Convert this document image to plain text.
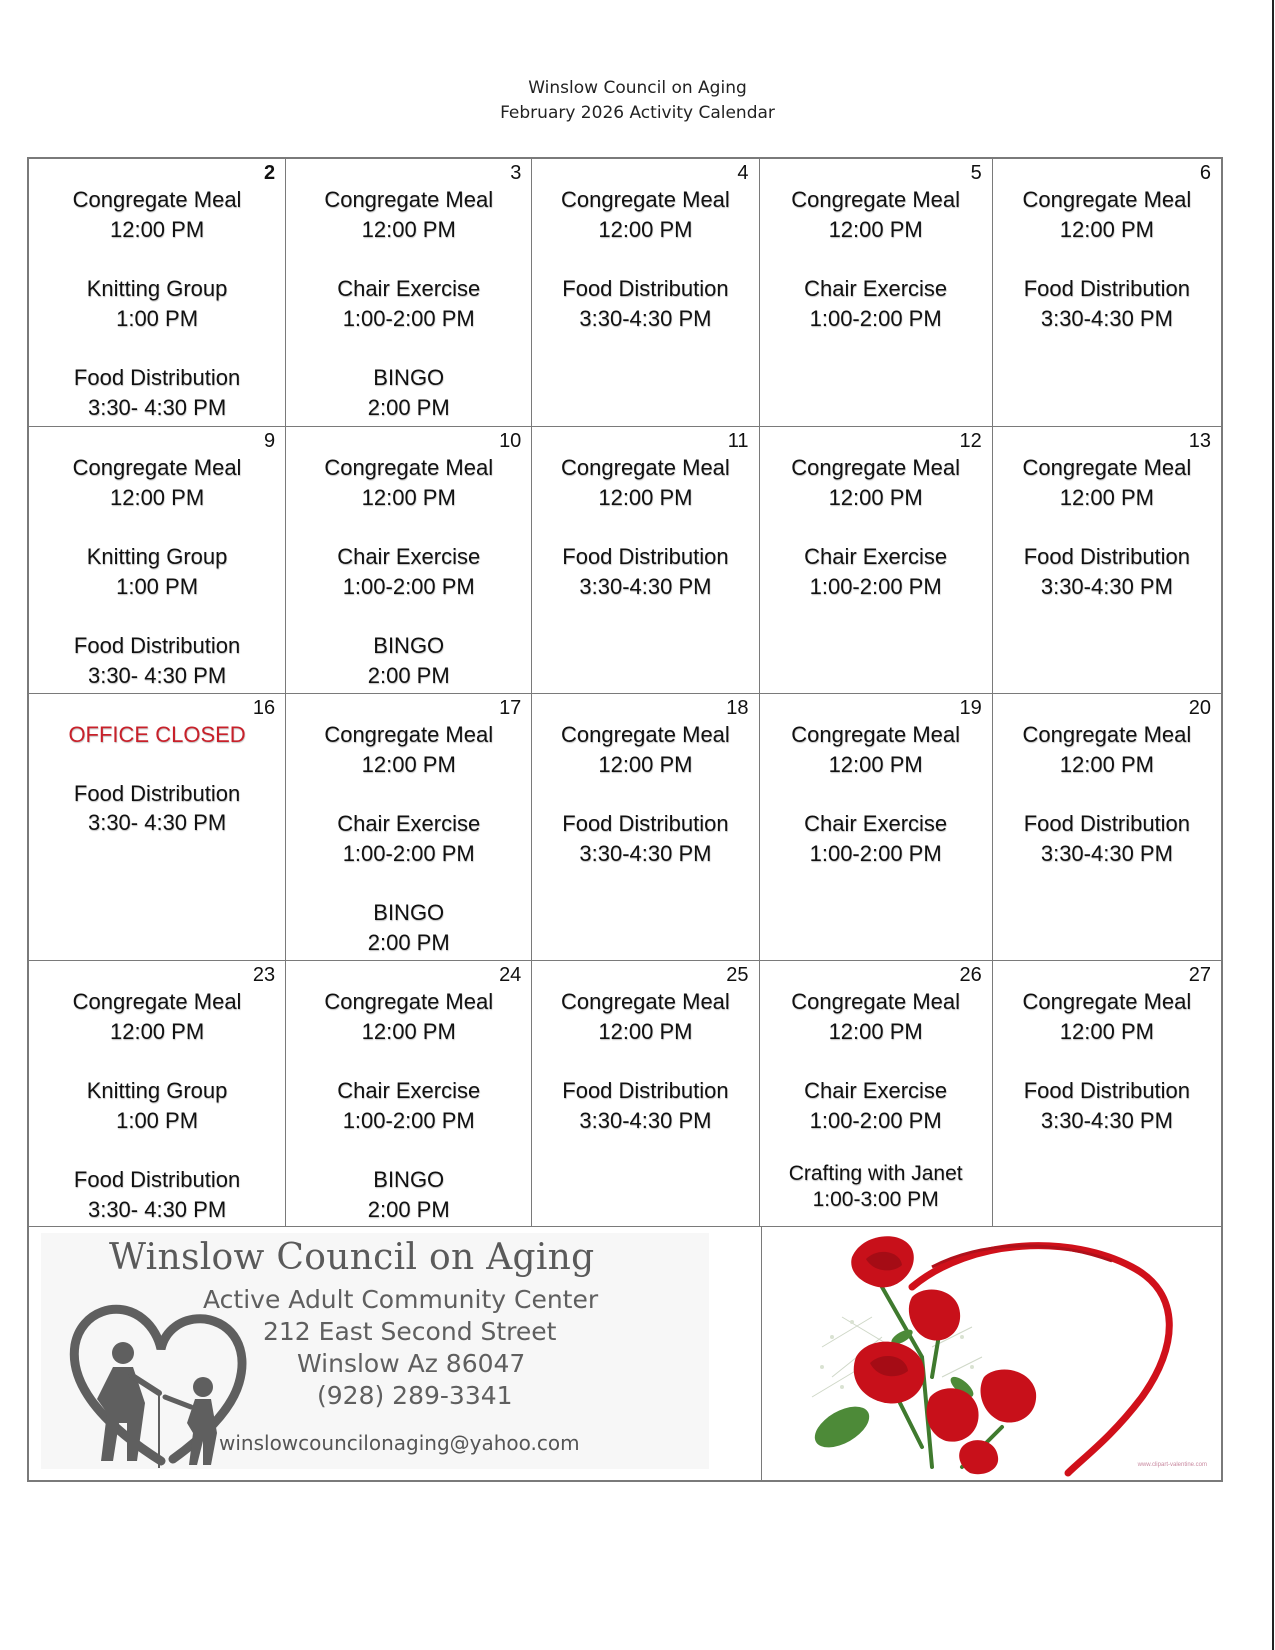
Winslow Council on Aging
February 2026 Activity Calendar
2
Congregate Meal
12:00 PM
Knitting Group
1:00 PM
Food Distribution
3:30- 4:30 PM
3
Congregate Meal
12:00 PM
Chair Exercise
1:00-2:00 PM
BINGO
2:00 PM
4
Congregate Meal
12:00 PM
Food Distribution
3:30-4:30 PM
5
Congregate Meal
12:00 PM
Chair Exercise
1:00-2:00 PM
6
Congregate Meal
12:00 PM
Food Distribution
3:30-4:30 PM
9
Congregate Meal
12:00 PM
Knitting Group
1:00 PM
Food Distribution
3:30- 4:30 PM
10
Congregate Meal
12:00 PM
Chair Exercise
1:00-2:00 PM
BINGO
2:00 PM
11
Congregate Meal
12:00 PM
Food Distribution
3:30-4:30 PM
12
Congregate Meal
12:00 PM
Chair Exercise
1:00-2:00 PM
13
Congregate Meal
12:00 PM
Food Distribution
3:30-4:30 PM
16
OFFICE CLOSED
Food Distribution
3:30- 4:30 PM
17
Congregate Meal
12:00 PM
Chair Exercise
1:00-2:00 PM
BINGO
2:00 PM
18
Congregate Meal
12:00 PM
Food Distribution
3:30-4:30 PM
19
Congregate Meal
12:00 PM
Chair Exercise
1:00-2:00 PM
20
Congregate Meal
12:00 PM
Food Distribution
3:30-4:30 PM
23
Congregate Meal
12:00 PM
Knitting Group
1:00 PM
Food Distribution
3:30- 4:30 PM
24
Congregate Meal
12:00 PM
Chair Exercise
1:00-2:00 PM
BINGO
2:00 PM
25
Congregate Meal
12:00 PM
Food Distribution
3:30-4:30 PM
26
Congregate Meal
12:00 PM
Chair Exercise
1:00-2:00 PM
Crafting with Janet
1:00-3:00 PM
27
Congregate Meal
12:00 PM
Food Distribution
3:30-4:30 PM
Winslow Council on Aging
Active Adult Community Center
212 East Second Street
Winslow Az 86047
(928) 289-3341
winslowcouncilonaging@yahoo.com
www.clipart-valentine.com
